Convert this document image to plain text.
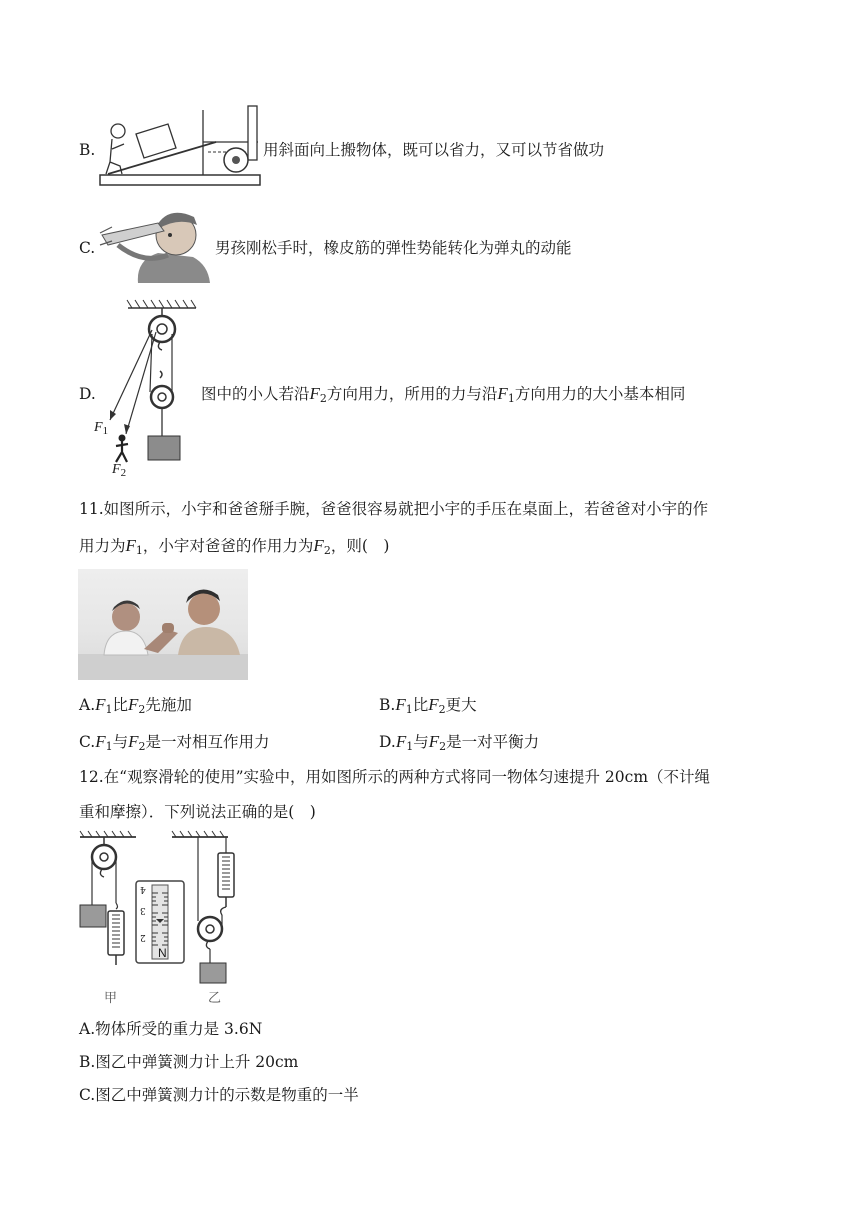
B.	用斜面向上搬物体，既可以省力，又可以节省做功
C.	男孩刚松手时，橡皮筋的弹性势能转化为弹丸的动能
D.
$F_1$
$F_2$
图中的小人若沿$F_2$方向用力，所用的力与沿$F_1$方向用力的大小基本相同
11.如图所示，小宇和爸爸掰手腕，爸爸很容易就把小宇的手压在桌面上，若爸爸对小宇的作
用力为$F_1$，小宇对爸爸的作用力为$F_2$，则(　)
$A.F_1$比$F_2$先施加	$B.F_1$比$F_2$更大
$C.F_1$与$F_2$是一对相互作用力	$D.F_1$与$F_2$是一对平衡力
12.在“观察滑轮的使用”实验中，用如图所示的两种方式将同一物体匀速提升 20cm（不计绳
重和摩擦）．下列说法正确的是(　)
4
3
2
N
甲	乙
A.物体所受的重力是 3.6N
B.图乙中弹簧测力计上升 20cm
C.图乙中弹簧测力计的示数是物重的一半
